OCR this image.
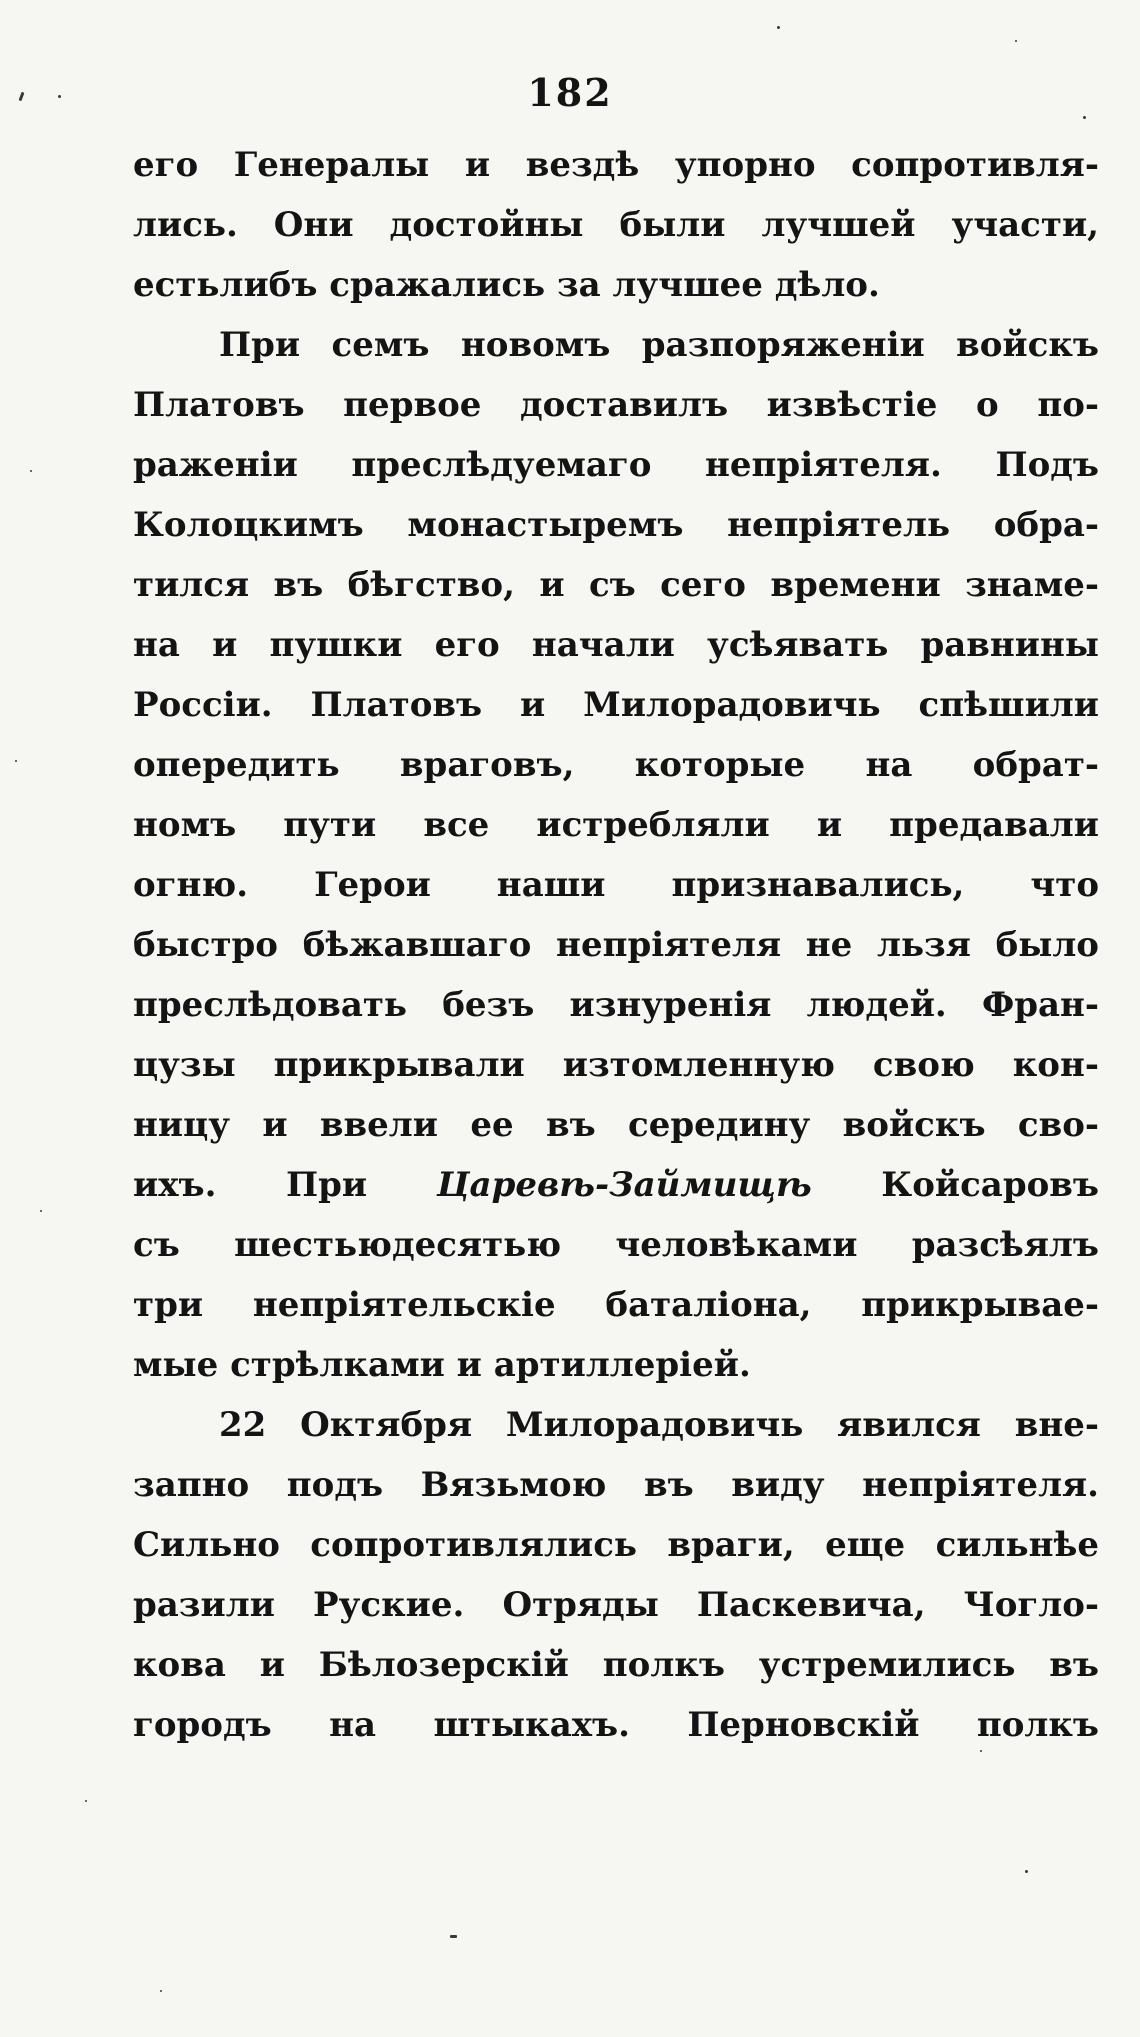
182
его Генералы и вездѣ упорно сопротивля-
лись. Они достойны были лучшей участи,
естьлибъ сражались за лучшее дѣло.
При семъ новомъ разпоряженіи войскъ
Платовъ первое доставилъ извѣстіе о по-
раженіи преслѣдуемаго непріятеля. Подъ
Колоцкимъ монастыремъ непріятель обра-
тился въ бѣгство, и съ сего времени знаме-
на и пушки его начали усѣявать равнины
Россіи. Платовъ и Милорадовичь спѣшили
опередить враговъ, которые на обрат-
номъ пути все истребляли и предавали
огню. Герои наши признавались, что
быстро бѣжавшаго непріятеля не льзя было
преслѣдовать безъ изнуренія людей. Фран-
цузы прикрывали изтомленную свою кон-
ницу и ввели ее въ середину войскъ сво-
ихъ. При Царевѣ-Займищѣ Койсаровъ
съ шестьюдесятью человѣками разсѣялъ
три непріятельскіе баталіона, прикрывае-
мые стрѣлками и артиллеріей.
22 Октября Милорадовичь явился вне-
запно подъ Вязьмою въ виду непріятеля.
Сильно сопротивлялись враги, еще сильнѣе
разили Руские. Отряды Паскевича, Чогло-
кова и Бѣлозерскій полкъ устремились въ
городъ на штыкахъ. Перновскій полкъ
